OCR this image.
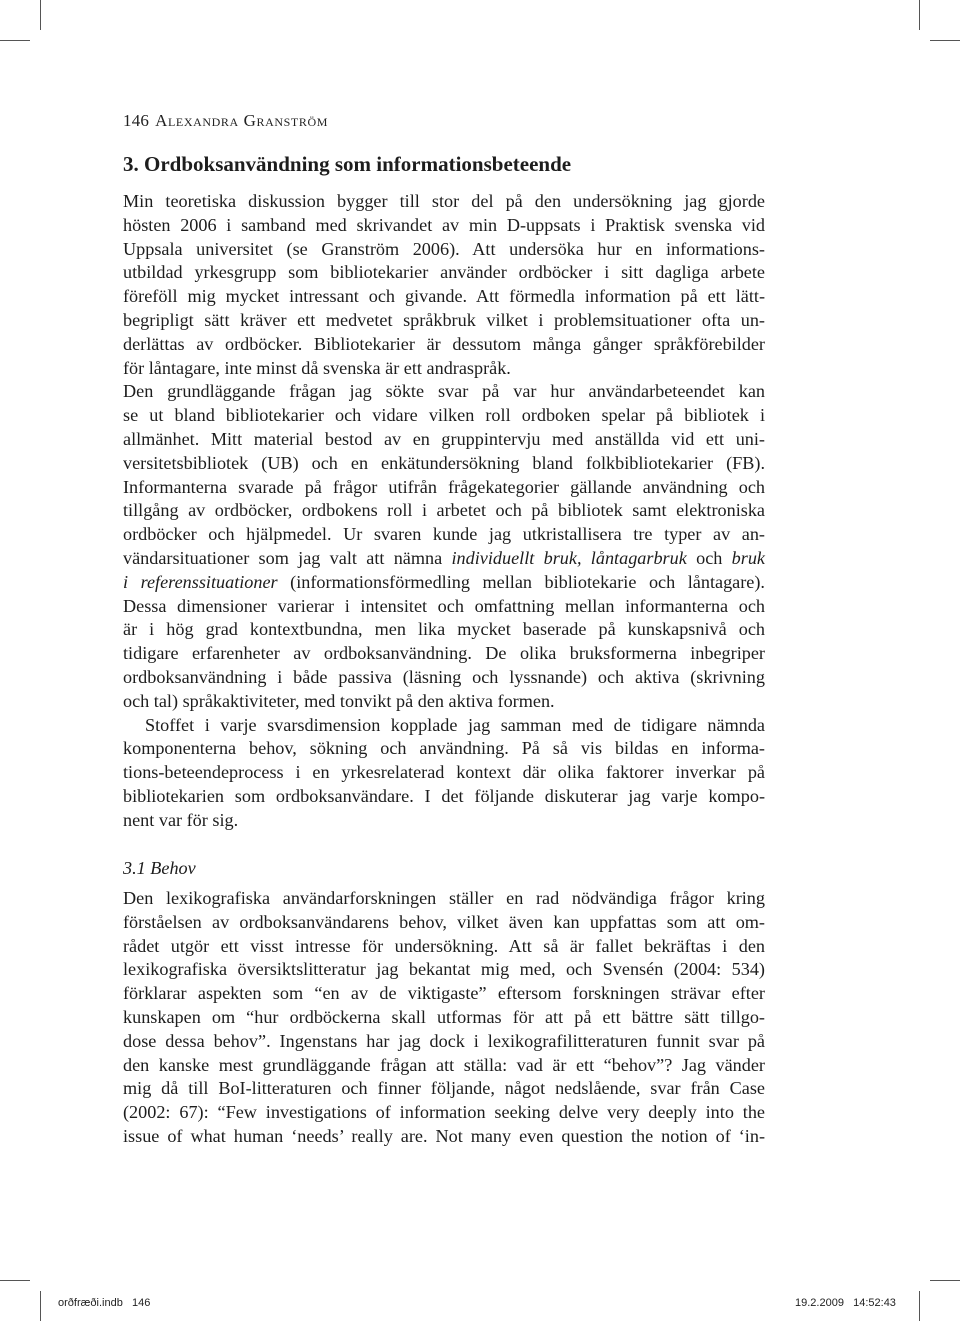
146 Alexandra Granström
3. Ordboksanvändning som informationsbeteende
Min teoretiska diskussion bygger till stor del på den undersökning jag gjorde
hösten 2006 i samband med skrivandet av min D-uppsats i Praktisk svenska vid
Uppsala universitet (se Granström 2006). Att undersöka hur en informations-
utbildad yrkesgrupp som bibliotekarier använder ordböcker i sitt dagliga arbete
föreföll mig mycket intressant och givande. Att förmedla information på ett lätt-
begripligt sätt kräver ett medvetet språkbruk vilket i problemsituationer ofta un-
derlättas av ordböcker. Bibliotekarier är dessutom många gånger språkförebilder
för låntagare, inte minst då svenska är ett andraspråk.
Den grundläggande frågan jag sökte svar på var hur användarbeteendet kan
se ut bland bibliotekarier och vidare vilken roll ordboken spelar på bibliotek i
allmänhet. Mitt material bestod av en gruppintervju med anställda vid ett uni-
versitetsbibliotek (UB) och en enkätundersökning bland folkbibliotekarier (FB).
Informanterna svarade på frågor utifrån frågekategorier gällande användning och
tillgång av ordböcker, ordbokens roll i arbetet och på bibliotek samt elektroniska
ordböcker och hjälpmedel. Ur svaren kunde jag utkristallisera tre typer av an-
vändarsituationer som jag valt att nämna individuellt bruk, låntagarbruk och bruk
i referenssituationer (informationsförmedling mellan bibliotekarie och låntagare).
Dessa dimensioner varierar i intensitet och omfattning mellan informanterna och
är i hög grad kontextbundna, men lika mycket baserade på kunskapsnivå och
tidigare erfarenheter av ordboksanvändning. De olika bruksformerna inbegriper
ordboksanvändning i både passiva (läsning och lyssnande) och aktiva (skrivning
och tal) språkaktiviteter, med tonvikt på den aktiva formen.
Stoffet i varje svarsdimension kopplade jag samman med de tidigare nämnda
komponenterna behov, sökning och användning. På så vis bildas en informa-
tions-beteendeprocess i en yrkesrelaterad kontext där olika faktorer inverkar på
bibliotekarien som ordboksanvändare. I det följande diskuterar jag varje kompo-
nent var för sig.
3.1 Behov
Den lexikografiska användarforskningen ställer en rad nödvändiga frågor kring
förståelsen av ordboksanvändarens behov, vilket även kan uppfattas som att om-
rådet utgör ett visst intresse för undersökning. Att så är fallet bekräftas i den
lexikografiska översiktslitteratur jag bekantat mig med, och Svensén (2004: 534)
förklarar aspekten som “en av de viktigaste” eftersom forskningen strävar efter
kunskapen om “hur ordböckerna skall utformas för att på ett bättre sätt tillgo-
dose dessa behov”. Ingenstans har jag dock i lexikografilitteraturen funnit svar på
den kanske mest grundläggande frågan att ställa: vad är ett “behov”? Jag vänder
mig då till BoI-litteraturen och finner följande, något nedslående, svar från Case
(2002: 67): “Few investigations of information seeking delve very deeply into the
issue of what human ‘needs’ really are. Not many even question the notion of ‘in-
orðfræði.indb   146	19.2.2009   14:52:43
